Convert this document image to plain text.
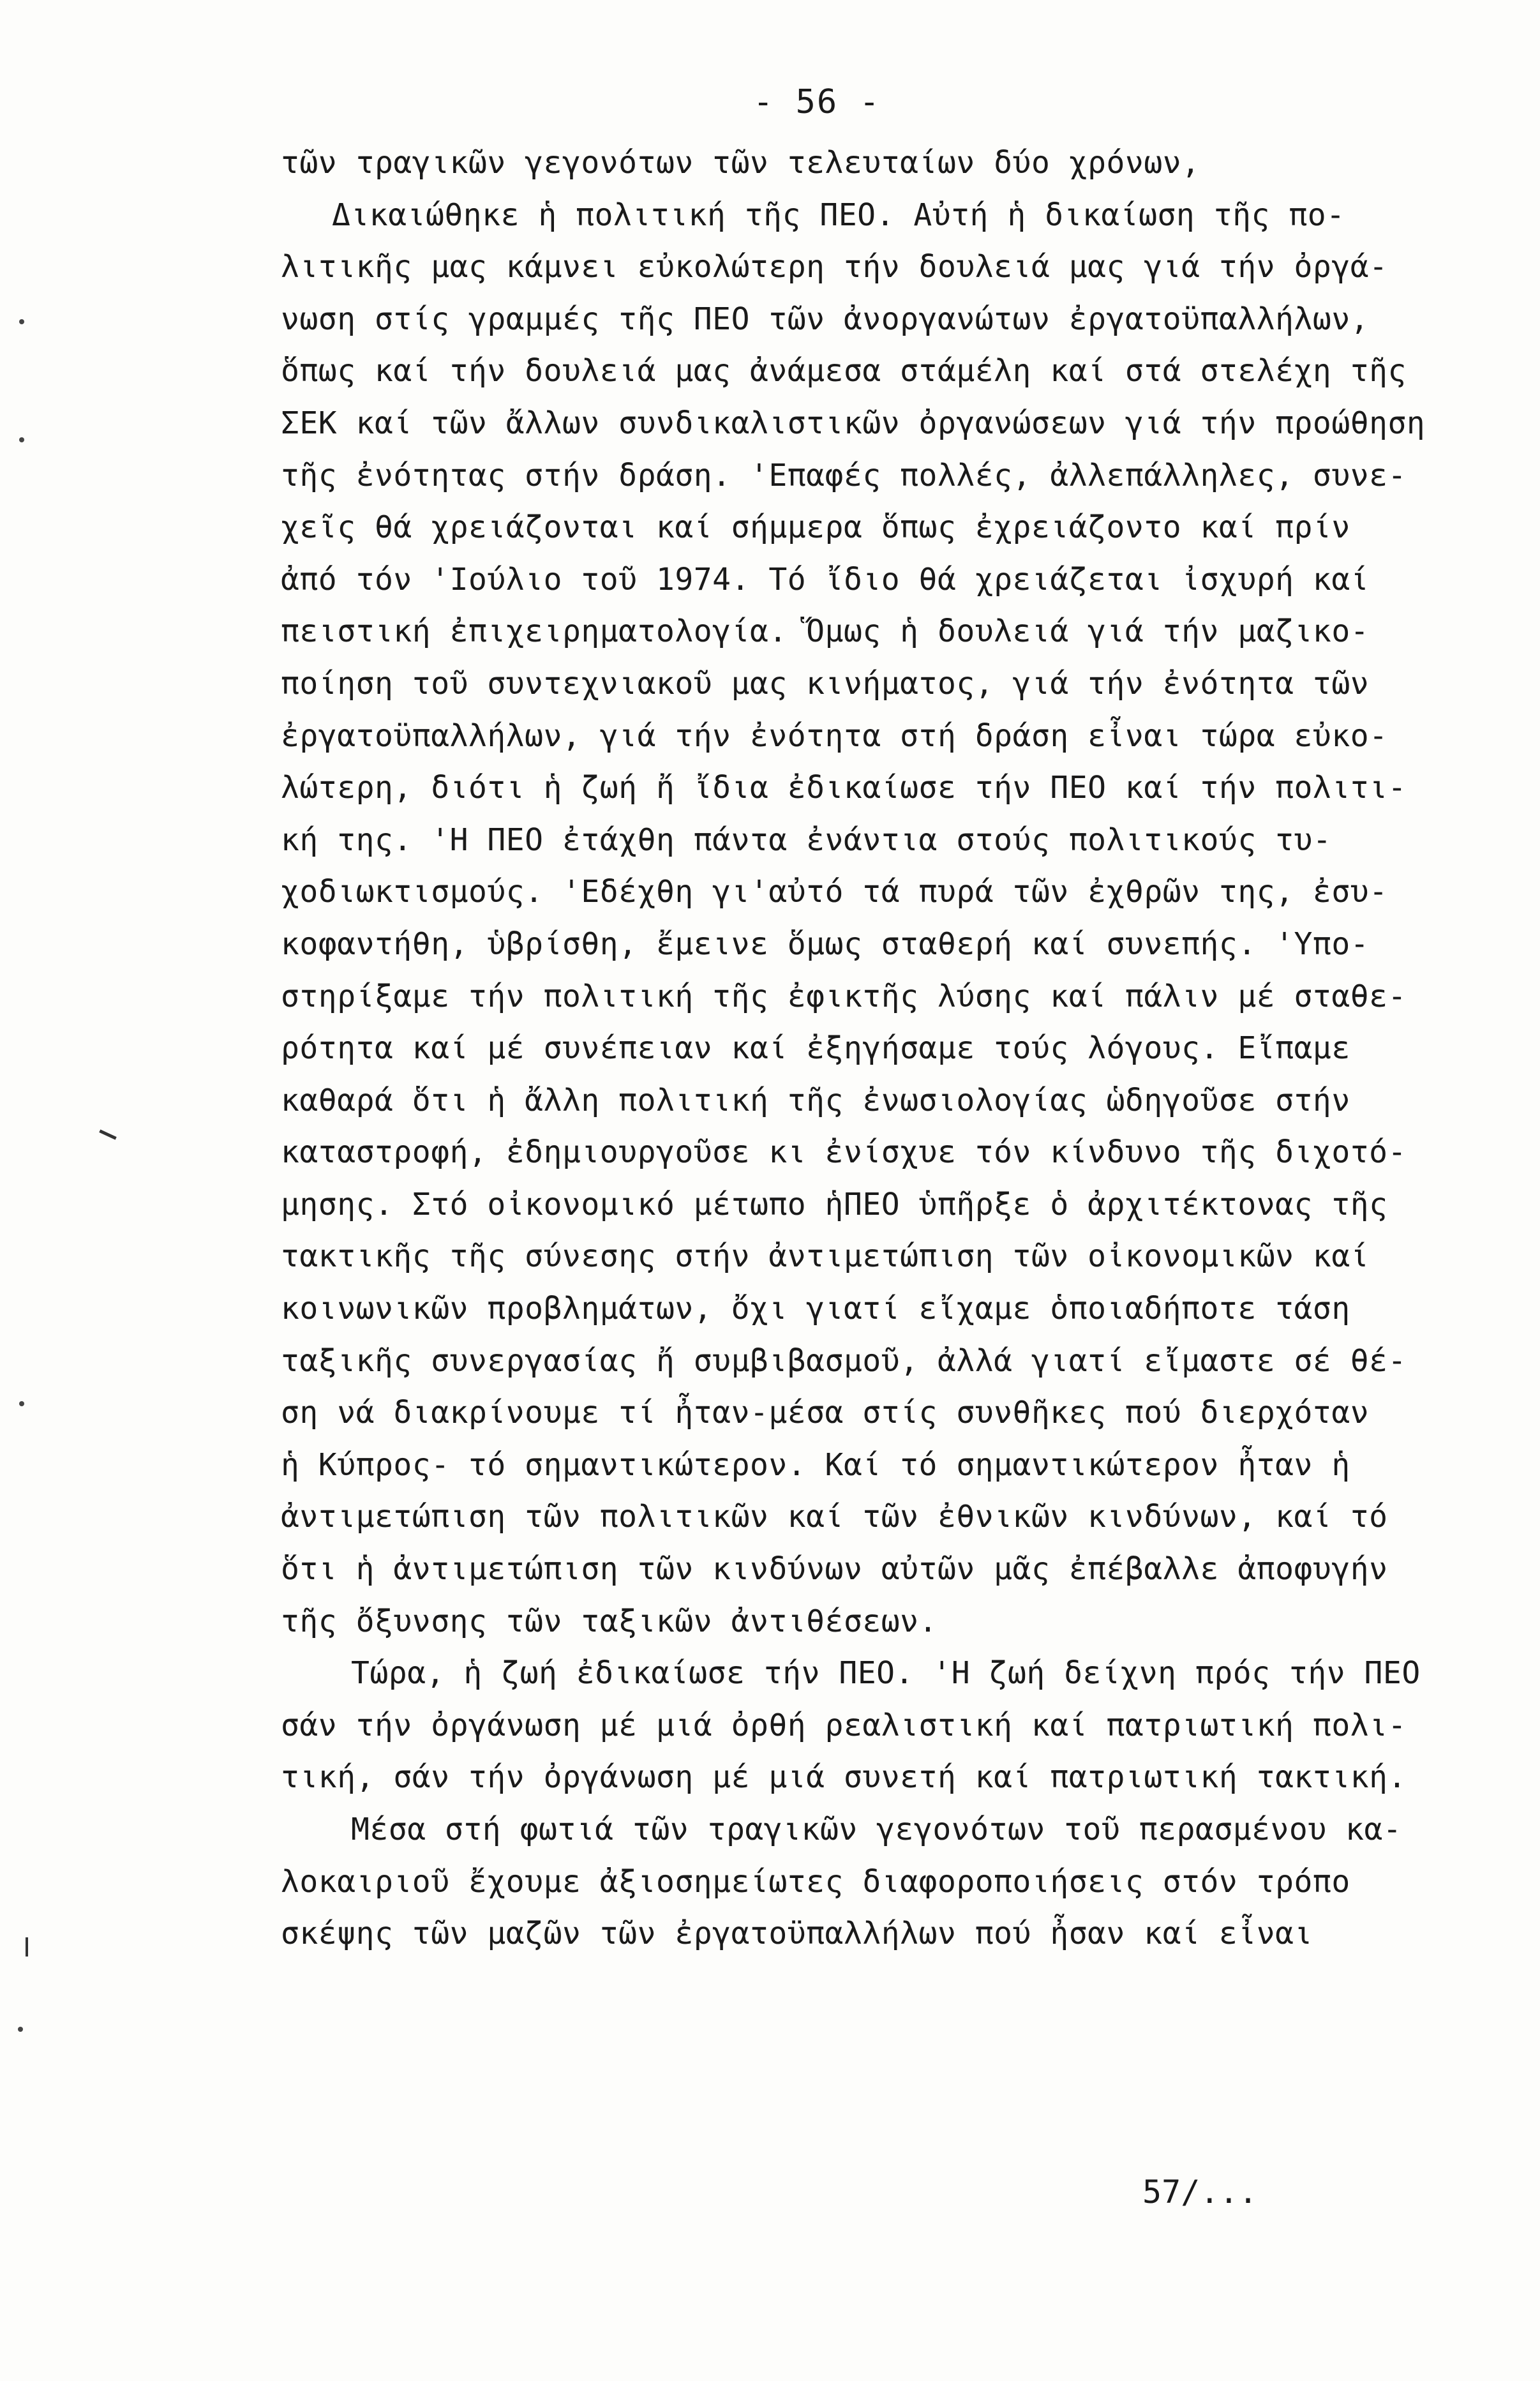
- 56 -
τῶν τραγικῶν γεγονότων τῶν τελευταίων δύο χρόνων,
Δικαιώθηκε ἡ πολιτική τῆς ΠΕΟ. Αὐτή ἡ δικαίωση τῆς πο-
λιτικῆς μας κάμνει εὐκολώτερη τήν δουλειά μας γιά τήν ὀργά-
νωση στίς γραμμές τῆς ΠΕΟ τῶν ἀνοργανώτων ἐργατοϋπαλλήλων,
ὅπως καί τήν δουλειά μας ἀνάμεσα στάμέλη καί στά στελέχη τῆς
ΣΕΚ καί τῶν ἄλλων συνδικαλιστικῶν ὀργανώσεων γιά τήν προώθηση
τῆς ἐνότητας στήν δράση. 'Επαφές πολλές, ἀλλεπάλληλες, συνε-
χεῖς θά χρειάζονται καί σήμμερα ὅπως ἐχρειάζοντο καί πρίν
ἀπό τόν 'Ιούλιο τοῦ 1974. Τό ἴδιο θά χρειάζεται ἰσχυρή καί
πειστική ἐπιχειρηματολογία. Ὅμως ἡ δουλειά γιά τήν μαζικο-
ποίηση τοῦ συντεχνιακοῦ μας κινήματος, γιά τήν ἐνότητα τῶν
ἐργατοϋπαλλήλων, γιά τήν ἐνότητα στή δράση εἶναι τώρα εὐκο-
λώτερη, διότι ἡ ζωή ἤ ἴδια ἐδικαίωσε τήν ΠΕΟ καί τήν πολιτι-
κή της. 'Η ΠΕΟ ἐτάχθη πάντα ἐνάντια στούς πολιτικούς τυ-
χοδιωκτισμούς. 'Εδέχθη γι'αὐτό τά πυρά τῶν ἐχθρῶν της, ἐσυ-
κοφαντήθη, ὑβρίσθη, ἔμεινε ὅμως σταθερή καί συνεπής. 'Υπο-
στηρίξαμε τήν πολιτική τῆς ἐφικτῆς λύσης καί πάλιν μέ σταθε-
ρότητα καί μέ συνέπειαν καί ἐξηγήσαμε τούς λόγους. Εἴπαμε
καθαρά ὅτι ἡ ἄλλη πολιτική τῆς ἐνωσιολογίας ὡδηγοῦσε στήν
καταστροφή, ἐδημιουργοῦσε κι ἐνίσχυε τόν κίνδυνο τῆς διχοτό-
μησης. Στό οἰκονομικό μέτωπο ἡΠΕΟ ὑπῆρξε ὁ ἀρχιτέκτονας τῆς
τακτικῆς τῆς σύνεσης στήν ἀντιμετώπιση τῶν οἰκονομικῶν καί
κοινωνικῶν προβλημάτων, ὄχι γιατί εἴχαμε ὁποιαδήποτε τάση
ταξικῆς συνεργασίας ἤ συμβιβασμοῦ, ἀλλά γιατί εἴμαστε σέ θέ-
ση νά διακρίνουμε τί ἦταν-μέσα στίς συνθῆκες πού διερχόταν
ἡ Κύπρος- τό σημαντικώτερον. Καί τό σημαντικώτερον ἦταν ἡ
ἀντιμετώπιση τῶν πολιτικῶν καί τῶν ἐθνικῶν κινδύνων, καί τό
ὅτι ἡ ἀντιμετώπιση τῶν κινδύνων αὐτῶν μᾶς ἐπέβαλλε ἀποφυγήν
τῆς ὄξυνσης τῶν ταξικῶν ἀντιθέσεων.
Τώρα, ἡ ζωή ἐδικαίωσε τήν ΠΕΟ. 'Η ζωή δείχνη πρός τήν ΠΕΟ
σάν τήν ὀργάνωση μέ μιά ὀρθή ρεαλιστική καί πατριωτική πολι-
τική, σάν τήν ὀργάνωση μέ μιά συνετή καί πατριωτική τακτική.
Μέσα στή φωτιά τῶν τραγικῶν γεγονότων τοῦ περασμένου κα-
λοκαιριοῦ ἔχουμε ἀξιοσημείωτες διαφοροποιήσεις στόν τρόπο
σκέψης τῶν μαζῶν τῶν ἐργατοϋπαλλήλων πού ἦσαν καί εἶναι
57/...
